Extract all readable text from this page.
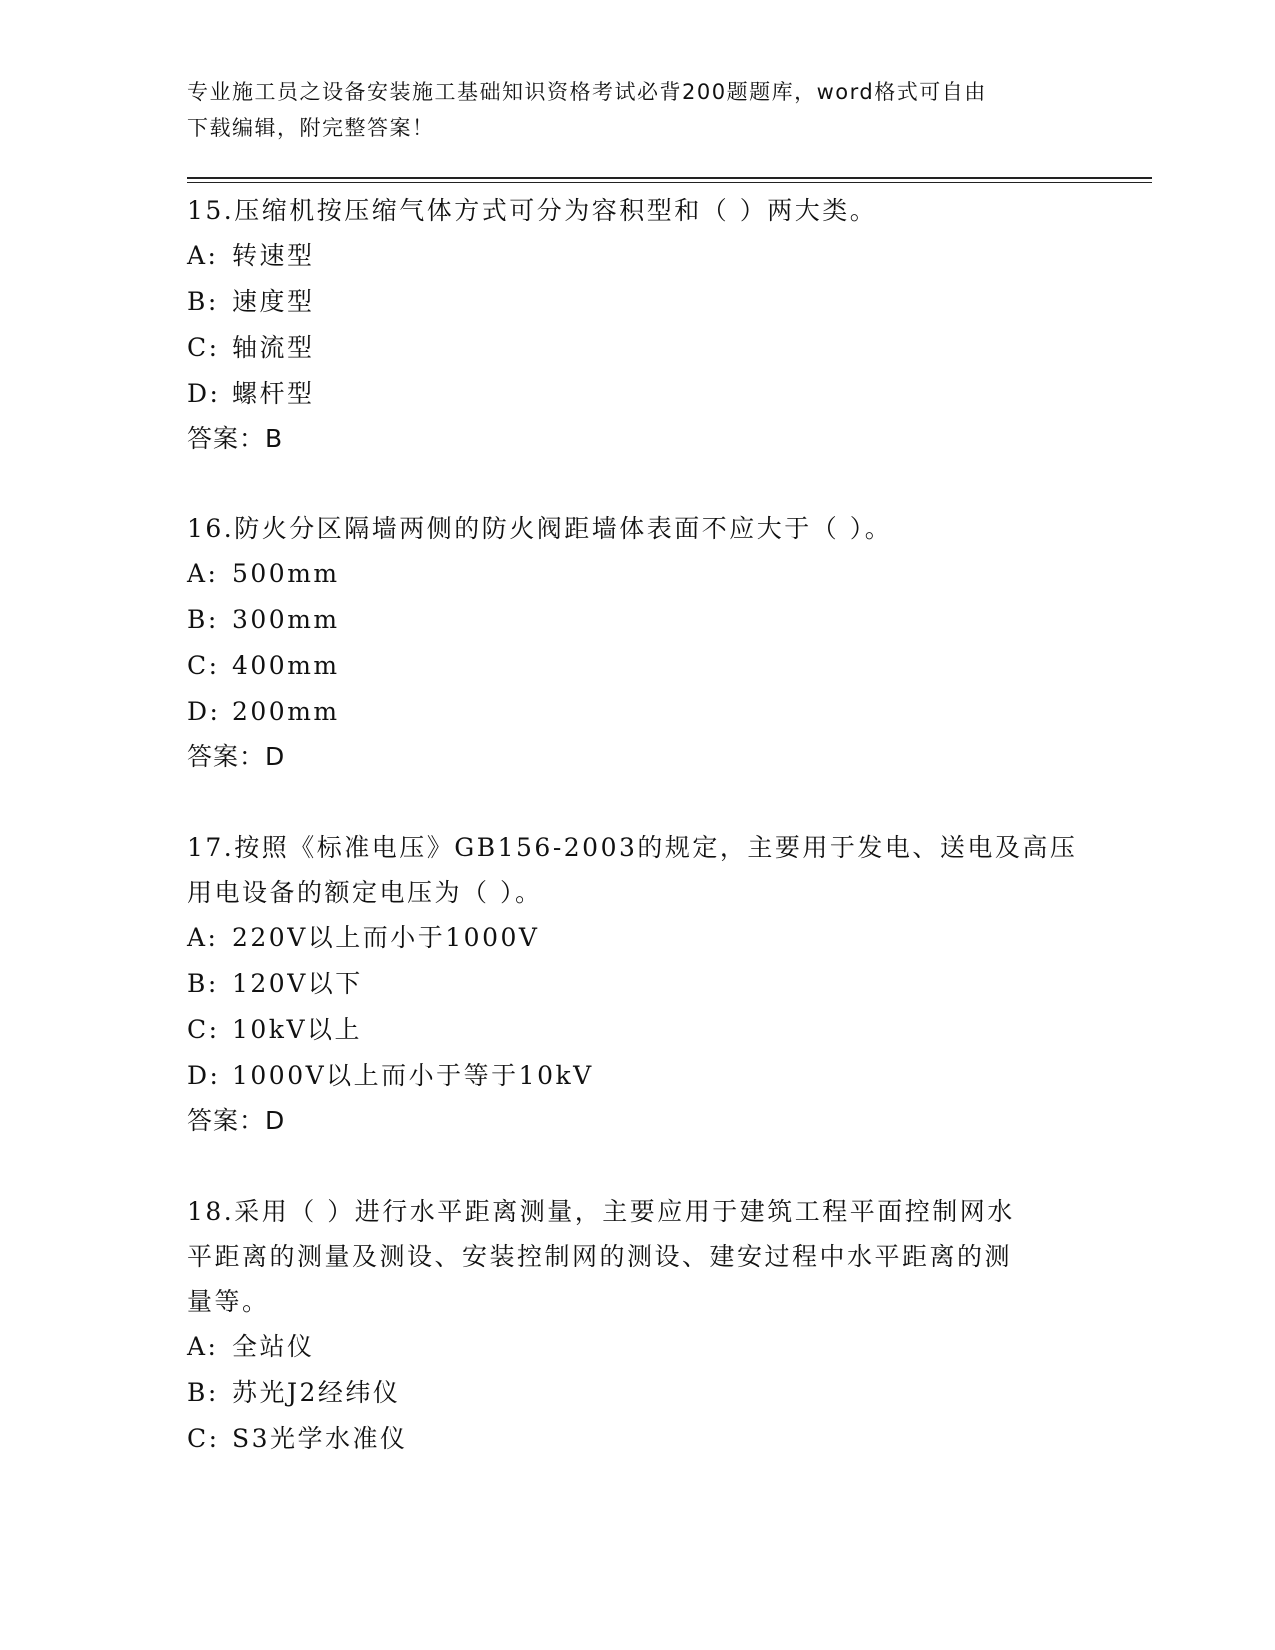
专业施工员之设备安装施工基础知识资格考试必背200题题库，word格式可自由
下载编辑，附完整答案！

15.压缩机按压缩气体方式可分为容积型和（ ）两大类。

A: 转速型

B: 速度型

C: 轴流型

D: 螺杆型

答案：B

16.防火分区隔墙两侧的防火阀距墙体表面不应大于（ ）。

A: 500mm

B: 300mm

C: 400mm

D: 200mm

答案：D

17.按照《标准电压》GB156-2003的规定，主要用于发电、送电及高压

用电设备的额定电压为（ ）。

A: 220V以上而小于1000V

B: 120V以下

C: 10kV以上

D: 1000V以上而小于等于10kV

答案：D

18.采用（ ）进行水平距离测量，主要应用于建筑工程平面控制网水

平距离的测量及测设、安装控制网的测设、建安过程中水平距离的测

量等。

A: 全站仪

B: 苏光J2经纬仪

C: S3光学水准仪
